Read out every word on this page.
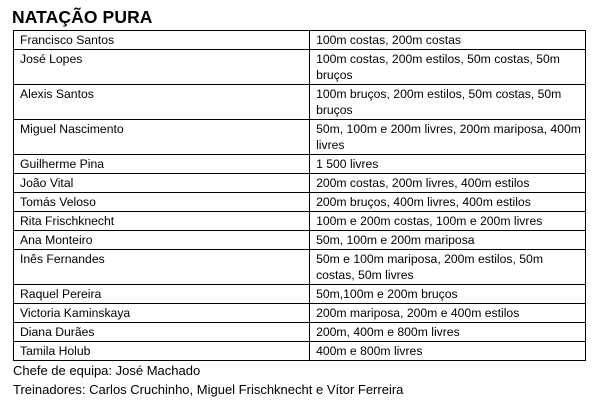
NATAÇÃO PURA
Francisco Santos	100m costas, 200m costas
José Lopes	100m costas, 200m estilos, 50m costas, 50m bruços
Alexis Santos	100m bruços, 200m estilos, 50m costas, 50m bruços
Miguel Nascimento	50m, 100m e 200m livres, 200m mariposa, 400m livres
Guilherme Pina	1 500 livres
João Vital	200m costas, 200m livres, 400m estilos
Tomás Veloso	200m bruços, 400m livres, 400m estilos
Rita Frischknecht	100m e 200m costas, 100m e 200m livres
Ana Monteiro	50m, 100m e 200m mariposa
Inês Fernandes	50m e 100m mariposa, 200m estilos, 50m costas, 50m livres
Raquel Pereira	50m,100m e 200m bruços
Victoria Kaminskaya	200m mariposa, 200m e 400m estilos
Diana Durães	200m, 400m e 800m livres
Tamila Holub	400m e 800m livres
Chefe de equipa: José Machado
Treinadores: Carlos Cruchinho, Miguel Frischknecht e Vítor Ferreira
